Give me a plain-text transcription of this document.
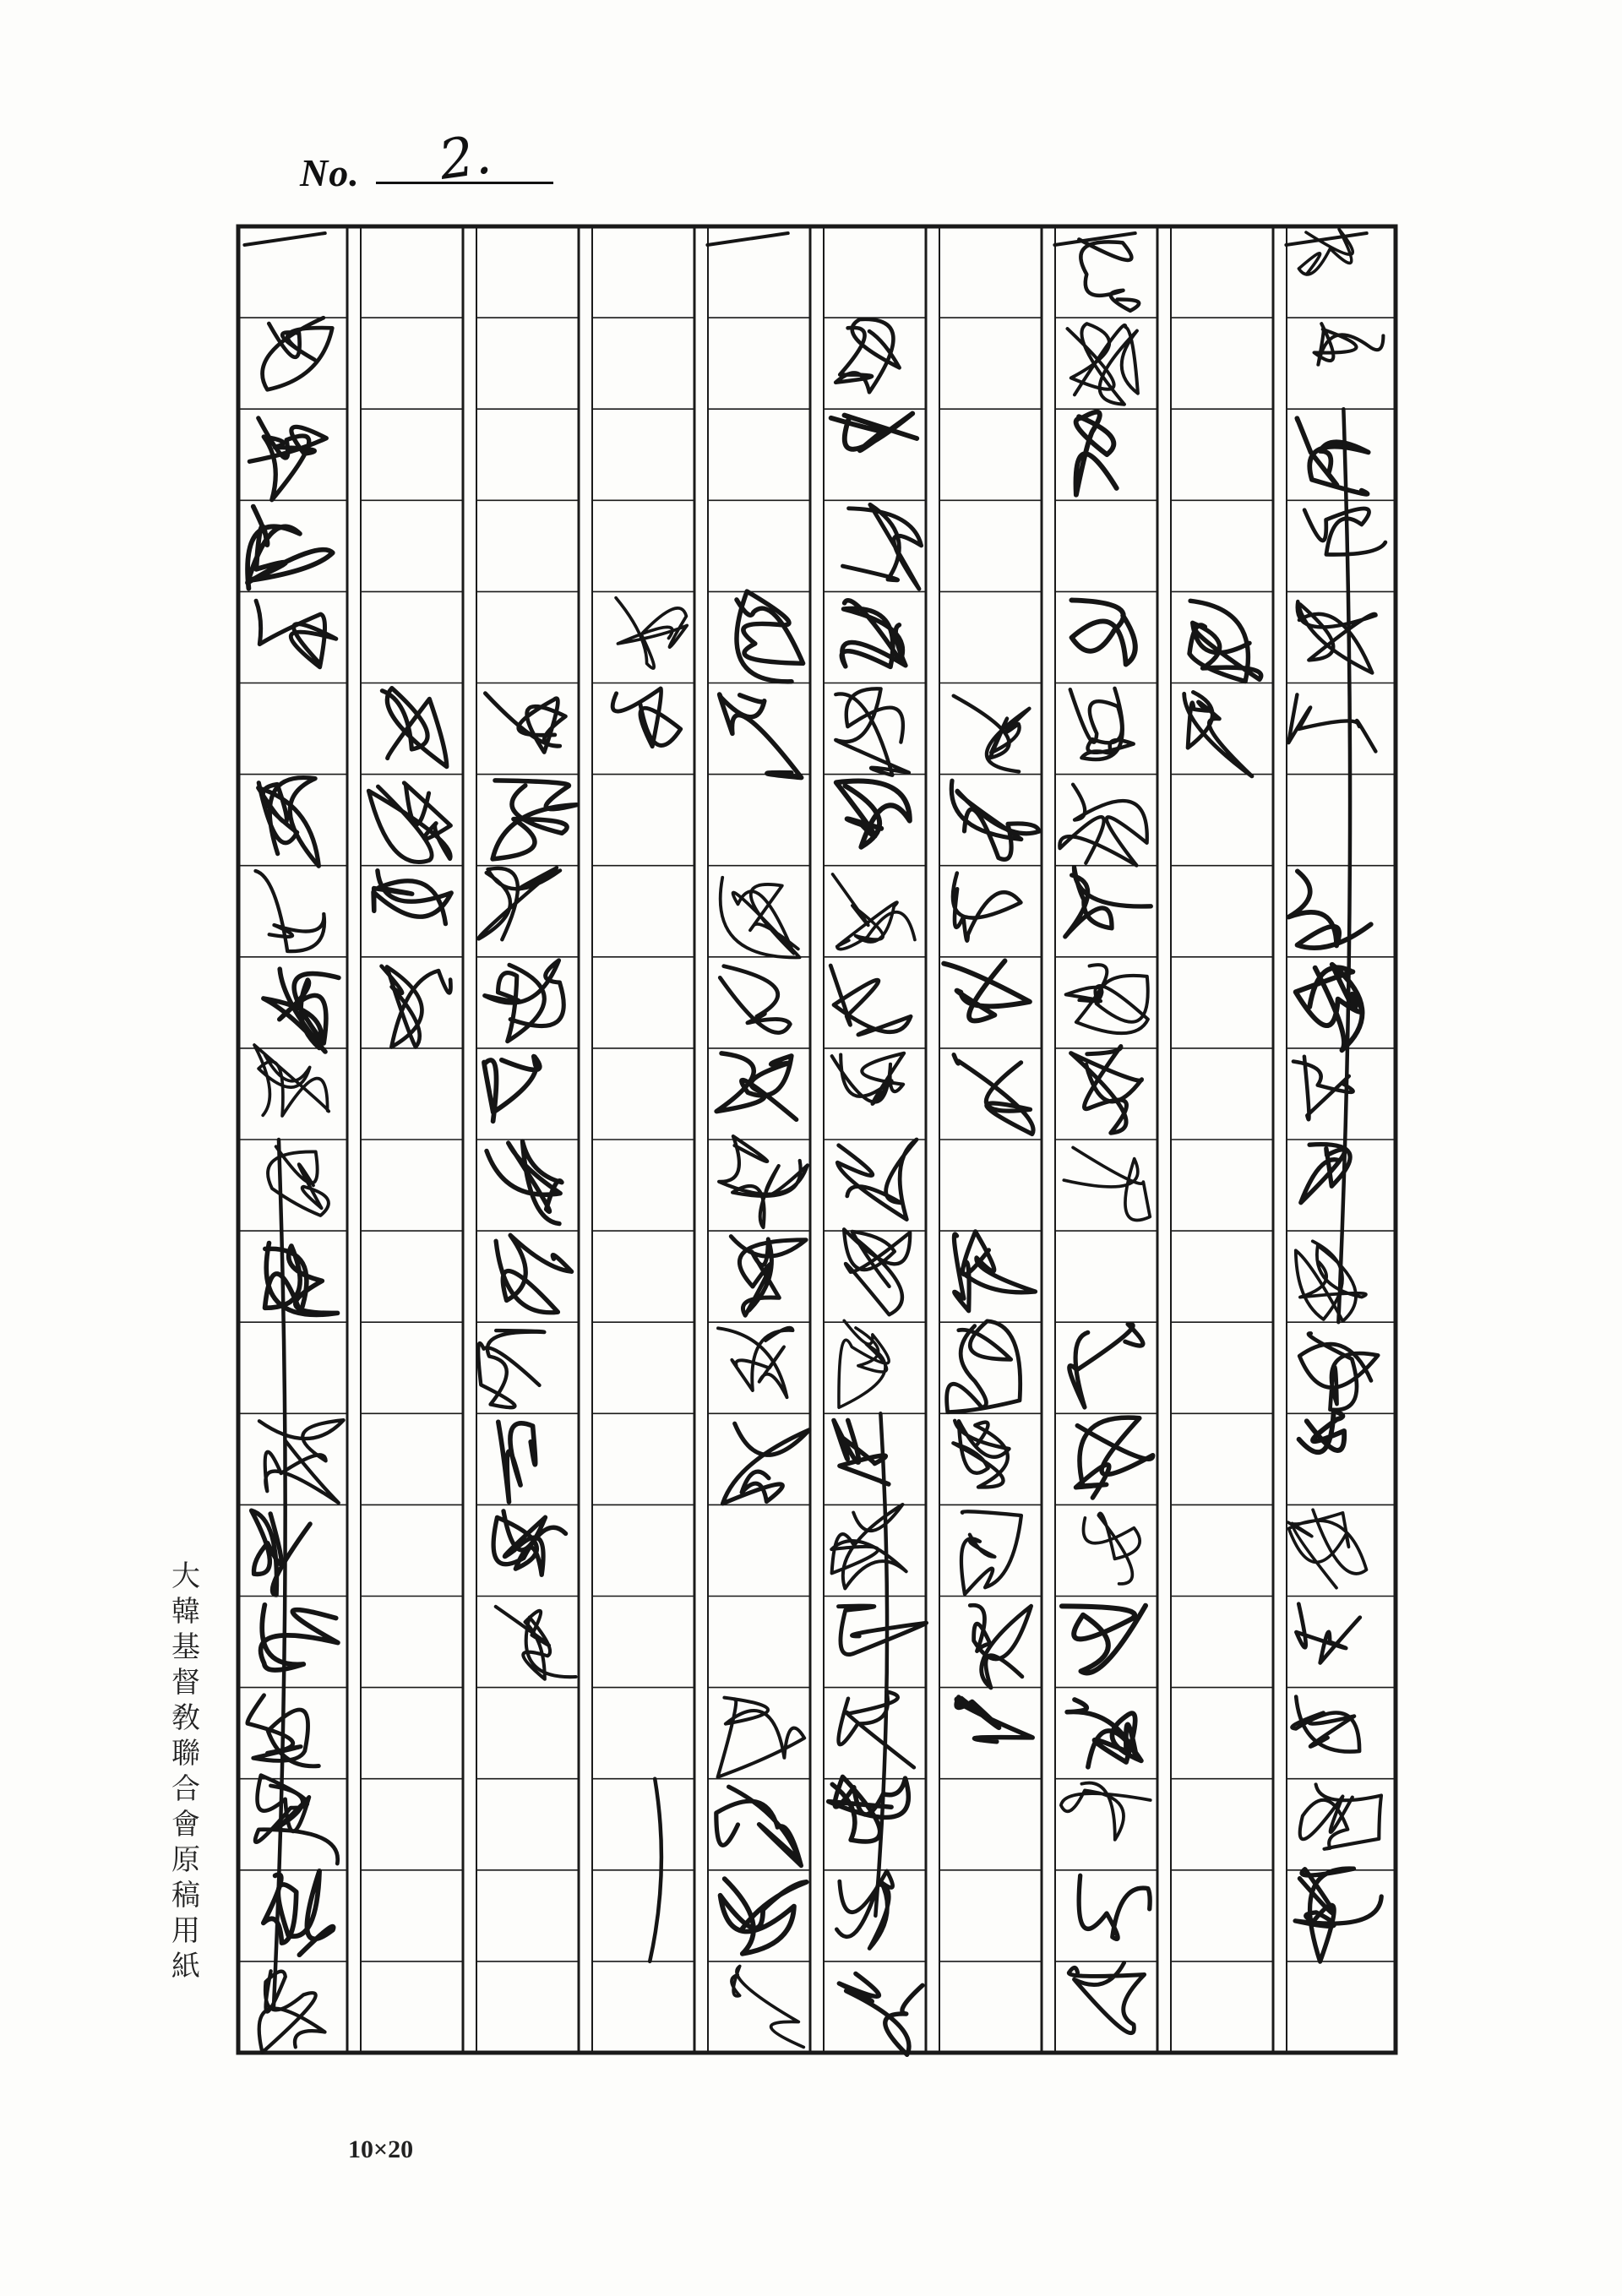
No. 2.
大韓基督敎聯合會原稿用紙
10×20
